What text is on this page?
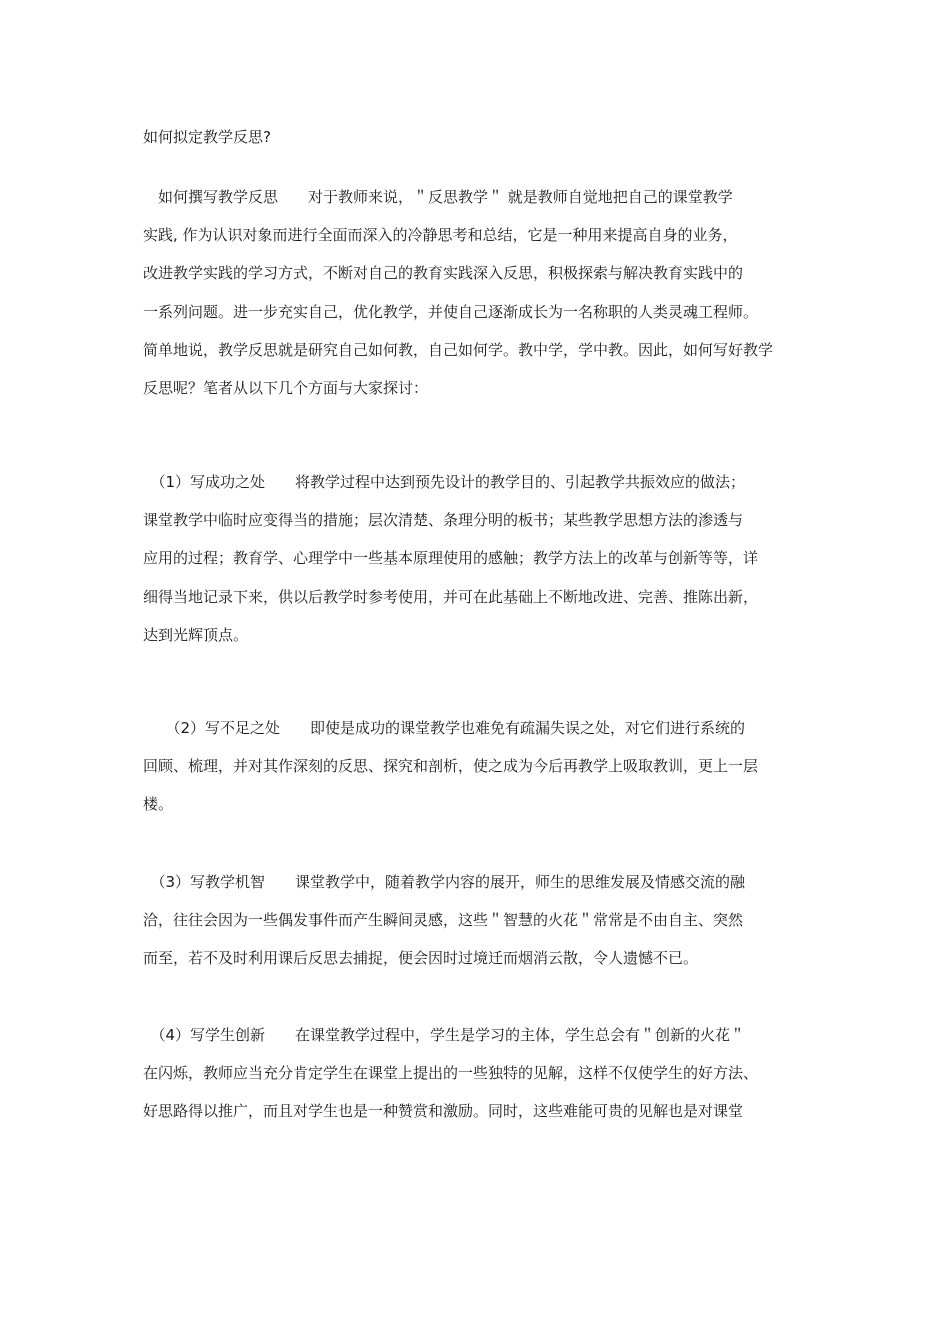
如何拟定教学反思?
　如何撰写教学反思　　对于教师来说，＂反思教学＂ 就是教师自觉地把自己的课堂教学
实践, 作为认识对象而进行全面而深入的冷静思考和总结，它是一种用来提高自身的业务，
改进教学实践的学习方式，不断对自己的教育实践深入反思，积极探索与解决教育实践中的
一系列问题。进一步充实自己，优化教学，并使自己逐渐成长为一名称职的人类灵魂工程师。
简单地说，教学反思就是研究自己如何教，自己如何学。教中学，学中教。因此，如何写好教学
反思呢？笔者从以下几个方面与大家探讨：
　（1）写成功之处　　将教学过程中达到预先设计的教学目的、引起教学共振效应的做法；
课堂教学中临时应变得当的措施；层次清楚、条理分明的板书；某些教学思想方法的渗透与
应用的过程；教育学、心理学中一些基本原理使用的感触；教学方法上的改革与创新等等，详
细得当地记录下来，供以后教学时参考使用，并可在此基础上不断地改进、完善、推陈出新，
达到光辉顶点。
　　（2）写不足之处　　即使是成功的课堂教学也难免有疏漏失误之处，对它们进行系统的
回顾、梳理，并对其作深刻的反思、探究和剖析，使之成为今后再教学上吸取教训，更上一层
楼。
　（3）写教学机智　　课堂教学中，随着教学内容的展开，师生的思维发展及情感交流的融
洽，往往会因为一些偶发事件而产生瞬间灵感，这些＂智慧的火花＂常常是不由自主、突然
而至，若不及时利用课后反思去捕捉，便会因时过境迁而烟消云散，令人遗憾不已。
　（4）写学生创新　　在课堂教学过程中，学生是学习的主体，学生总会有＂创新的火花＂
在闪烁，教师应当充分肯定学生在课堂上提出的一些独特的见解，这样不仅使学生的好方法、
好思路得以推广，而且对学生也是一种赞赏和激励。同时，这些难能可贵的见解也是对课堂
